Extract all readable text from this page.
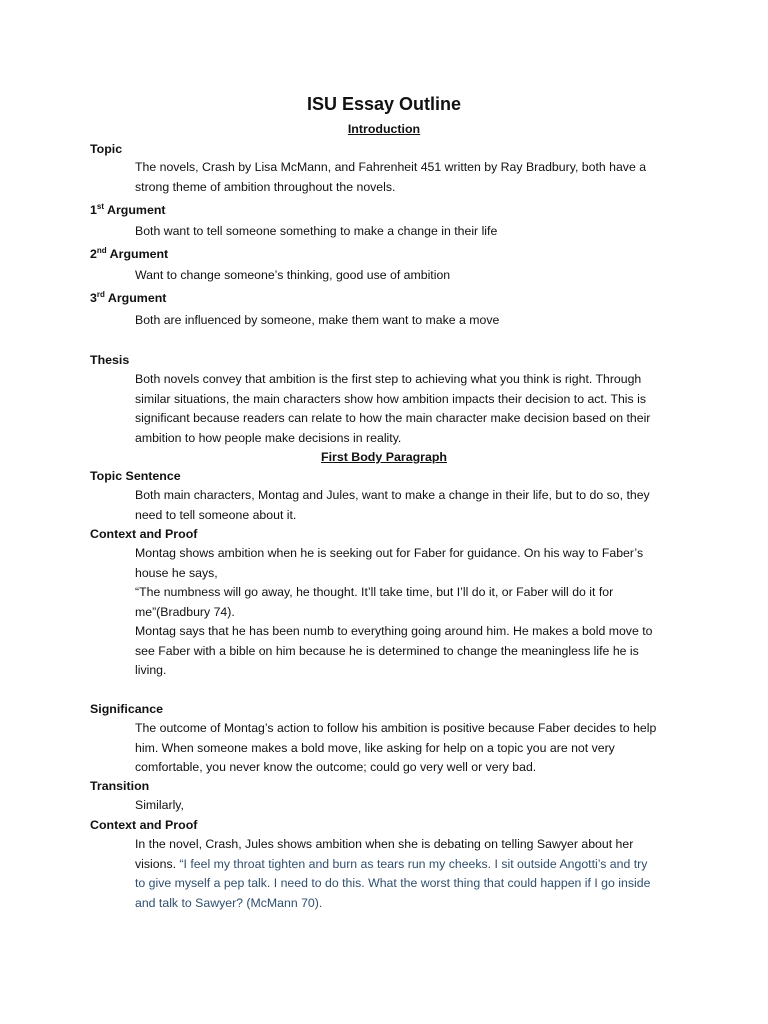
ISU Essay Outline
Introduction
Topic
The novels, Crash by Lisa McMann, and Fahrenheit 451 written by Ray Bradbury, both have a
strong theme of ambition throughout the novels.
1st Argument
Both want to tell someone something to make a change in their life
2nd Argument
Want to change someone’s thinking, good use of ambition
3rd Argument
Both are influenced by someone, make them want to make a move
Thesis
Both novels convey that ambition is the first step to achieving what you think is right. Through
similar situations, the main characters show how ambition impacts their decision to act. This is
significant because readers can relate to how the main character make decision based on their
ambition to how people make decisions in reality.
First Body Paragraph
Topic Sentence
Both main characters, Montag and Jules, want to make a change in their life, but to do so, they
need to tell someone about it.
Context and Proof
Montag shows ambition when he is seeking out for Faber for guidance. On his way to Faber’s
house he says,
“The numbness will go away, he thought. It’ll take time, but I’ll do it, or Faber will do it for
me”(Bradbury 74).
Montag says that he has been numb to everything going around him. He makes a bold move to
see Faber with a bible on him because he is determined to change the meaningless life he is
living.
Significance
The outcome of Montag’s action to follow his ambition is positive because Faber decides to help
him. When someone makes a bold move, like asking for help on a topic you are not very
comfortable, you never know the outcome; could go very well or very bad.
Transition
Similarly,
Context and Proof
In the novel, Crash, Jules shows ambition when she is debating on telling Sawyer about her
visions. “I feel my throat tighten and burn as tears run my cheeks. I sit outside Angotti’s and try
to give myself a pep talk. I need to do this. What the worst thing that could happen if I go inside
and talk to Sawyer? (McMann 70).
